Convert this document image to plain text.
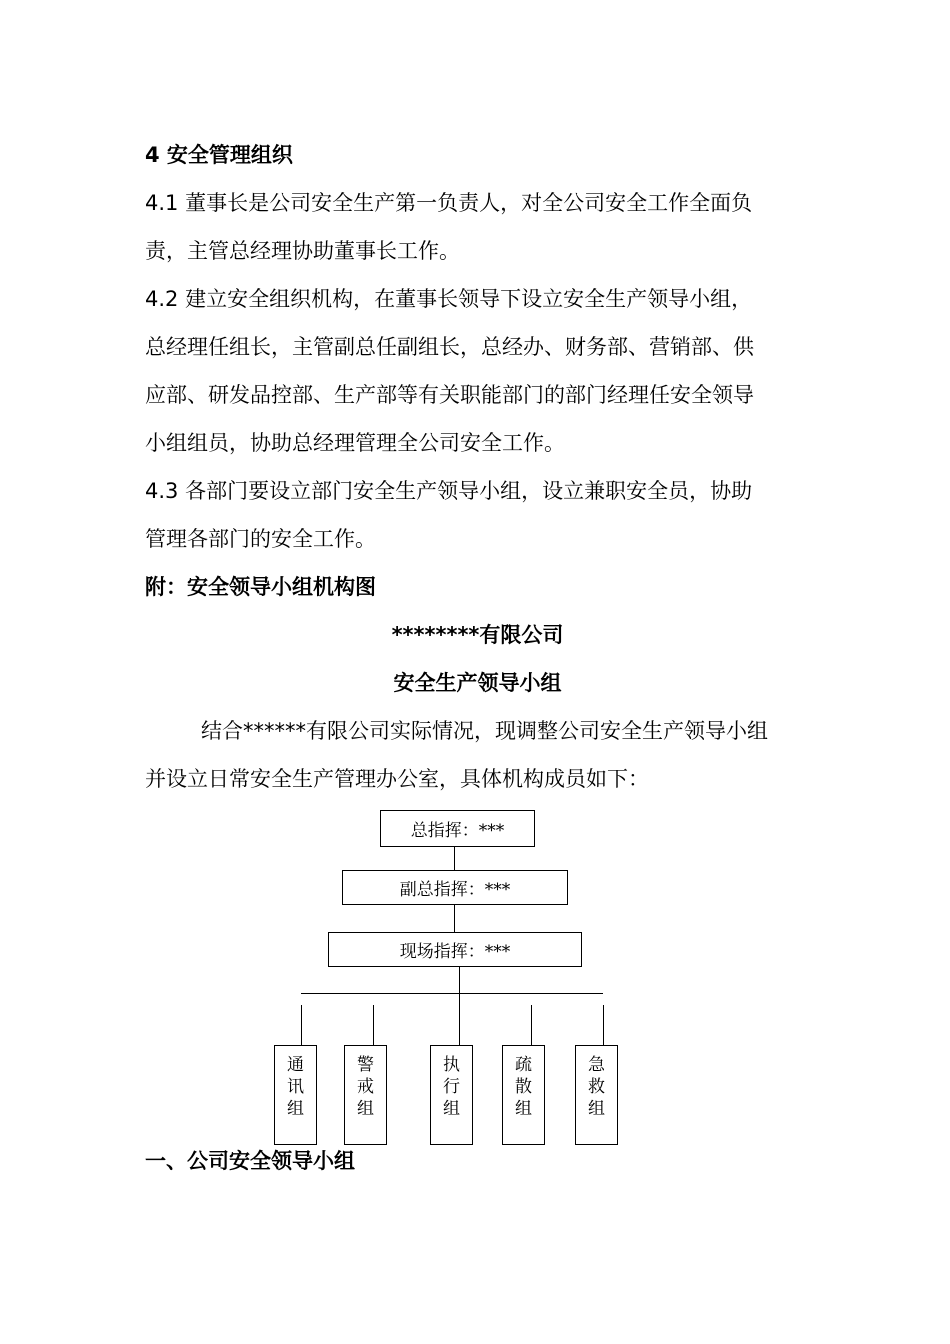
4 安全管理组织

4.1 董事长是公司安全生产第一负责人，对全公司安全工作全面负

责，主管总经理协助董事长工作。

4.2 建立安全组织机构，在董事长领导下设立安全生产领导小组，

总经理任组长，主管副总任副组长，总经办、财务部、营销部、供

应部、研发品控部、生产部等有关职能部门的部门经理任安全领导

小组组员，协助总经理管理全公司安全工作。

4.3 各部门要设立部门安全生产领导小组，设立兼职安全员，协助

管理各部门的安全工作。

附：安全领导小组机构图

********有限公司

安全生产领导小组

结合******有限公司实际情况，现调整公司安全生产领导小组

并设立日常安全生产管理办公室，具体机构成员如下：

总指挥：***
副总指挥：***
现场指挥：***
通
讯
组
警
戒
组
执
行
组
疏
散
组
急
救
组

一、公司安全领导小组
